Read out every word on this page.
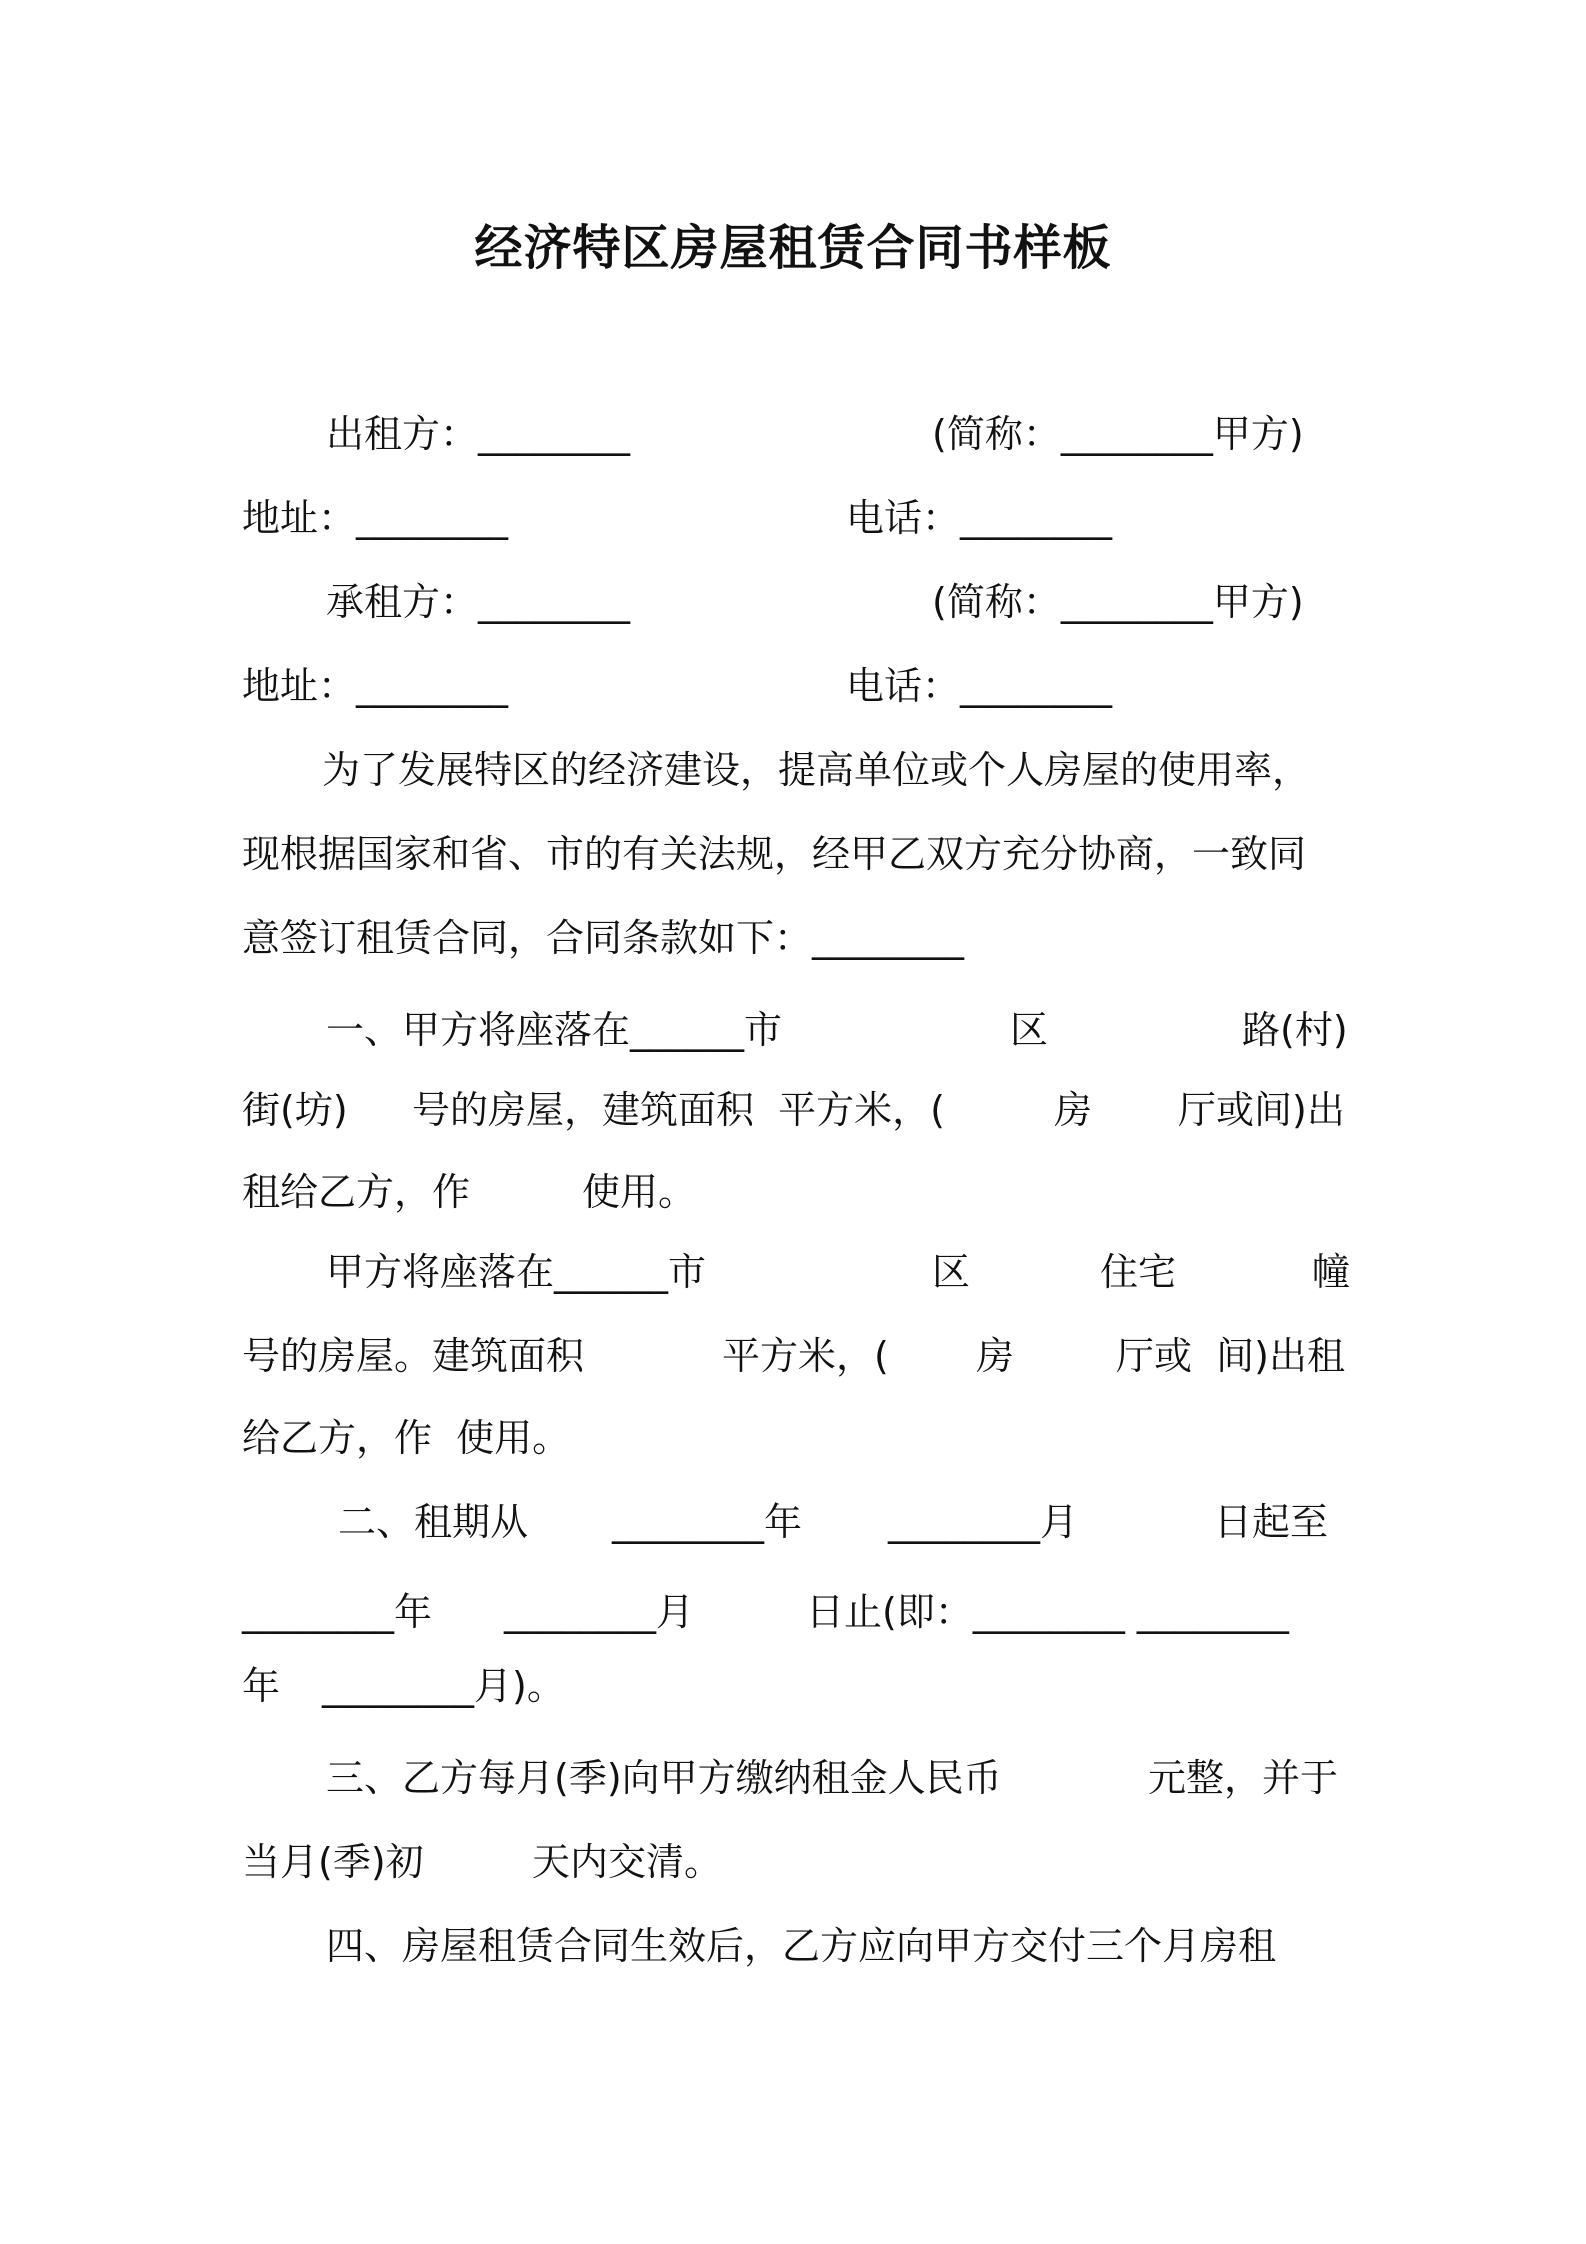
经济特区房屋租赁合同书样板
出租方：________	(简称：________甲方)
地址：________	电话：________
承租方：________	(简称：________甲方)
地址：________	电话：________
为了发展特区的经济建设，提高单位或个人房屋的使用率，
现根据国家和省、市的有关法规，经甲乙双方充分协商，一致同
意签订租赁合同，合同条款如下：________
一、甲方将座落在______市	区	路(村)
街(坊) 号的房屋，建筑面积  平方米，(	房 厅或间)出
租给乙方，作	使用。
甲方将座落在______市	区	住宅	幢
号的房屋。建筑面积	平方米，( 房	厅或  间)出租
给乙方，作  使用。
二、租期从 ________年 ________月	日起至
________年 ________月	日止(即：________ ________
年 ________月)。
三、乙方每月(季)向甲方缴纳租金人民币	元整，并于
当月(季)初	天内交清。
四、房屋租赁合同生效后，乙方应向甲方交付三个月房租
